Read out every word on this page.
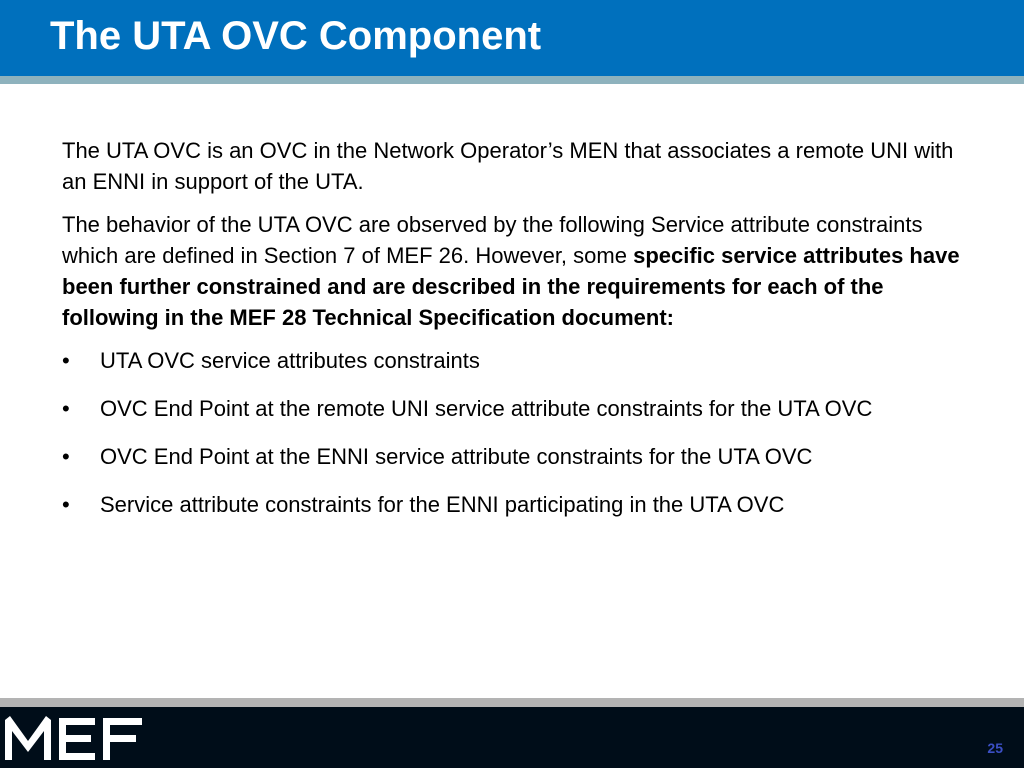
The UTA OVC Component

The UTA OVC is an OVC in the Network Operator’s MEN that associates a remote UNI with an ENNI in support of the UTA.

The behavior of the UTA OVC are observed by the following Service attribute constraints which are defined in Section 7 of MEF 26. However, some specific service attributes have been further constrained and are described in the requirements for each of the following in the MEF 28 Technical Specification document:

•	UTA OVC service attributes constraints
•	OVC End Point at the remote UNI service attribute constraints for the UTA OVC
•	OVC End Point at the ENNI service attribute constraints for the UTA OVC
•	Service attribute constraints for the ENNI participating in the UTA OVC
25
